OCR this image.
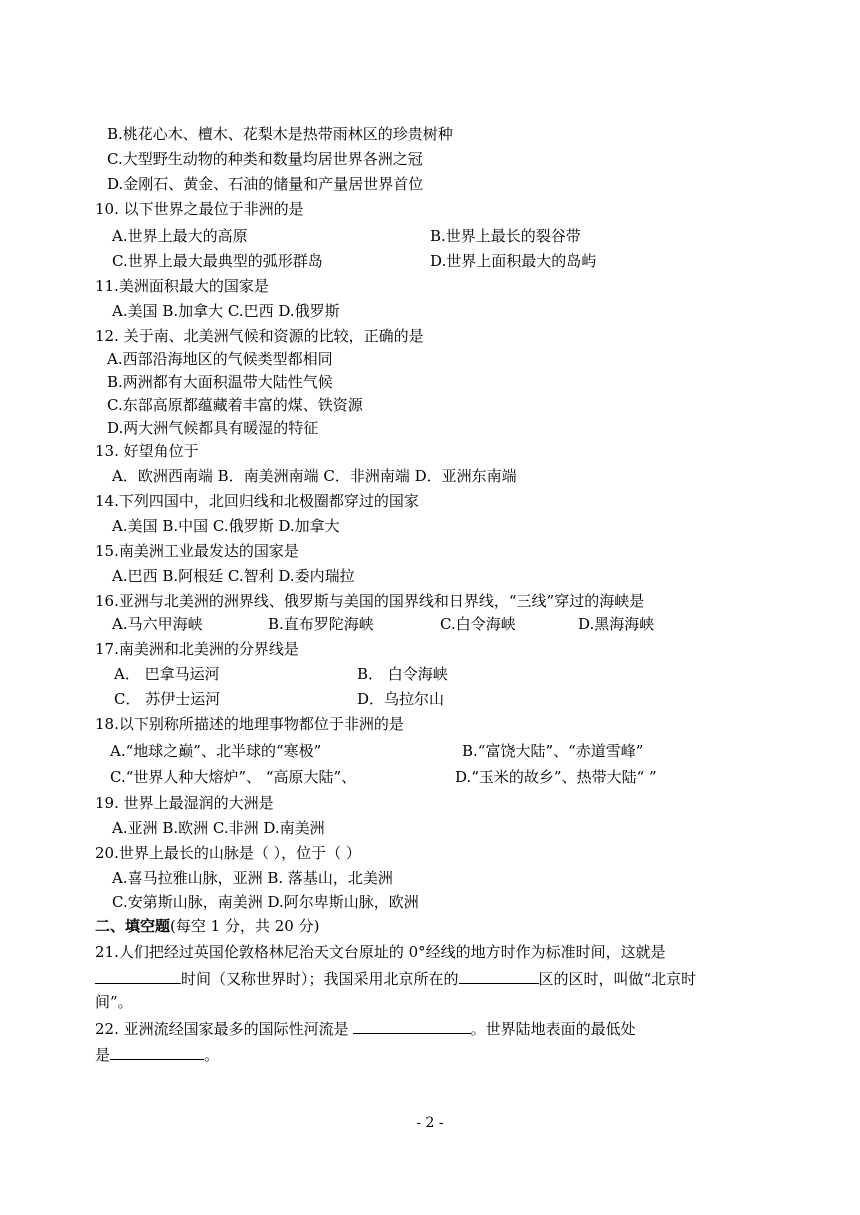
B.桃花心木、檀木、花梨木是热带雨林区的珍贵树种
C.大型野生动物的种类和数量均居世界各洲之冠
D.金刚石、黄金、石油的储量和产量居世界首位
10. 以下世界之最位于非洲的是
A.世界上最大的高原	B.世界上最长的裂谷带
C.世界上最大最典型的弧形群岛	D.世界上面积最大的岛屿
11.美洲面积最大的国家是
A.美国 B.加拿大 C.巴西 D.俄罗斯
12. 关于南、北美洲气候和资源的比较，正确的是
A.西部沿海地区的气候类型都相同
B.两洲都有大面积温带大陆性气候
C.东部高原都蕴藏着丰富的煤、铁资源
D.两大洲气候都具有暖湿的特征
13. 好望角位于
A．欧洲西南端 B．南美洲南端 C．非洲南端 D．亚洲东南端
14.下列四国中，北回归线和北极圈都穿过的国家
A.美国 B.中国 C.俄罗斯 D.加拿大
15.南美洲工业最发达的国家是
A.巴西 B.阿根廷 C.智利 D.委内瑞拉
16.亚洲与北美洲的洲界线、俄罗斯与美国的国界线和日界线，“三线”穿过的海峡是
A.马六甲海峡	B.直布罗陀海峡	C.白令海峡	D.黑海海峡
17.南美洲和北美洲的分界线是
A． 巴拿马运河	B． 白令海峡
C． 苏伊士运河	D．乌拉尔山
18.以下别称所描述的地理事物都位于非洲的是
A.“地球之巅”、北半球的“寒极”	B.“富饶大陆”、“赤道雪峰”
C.“世界人种大熔炉”、 “高原大陆”、	D.“玉米的故乡”、热带大陆“ ”
19. 世界上最湿润的大洲是
A.亚洲 B.欧洲 C.非洲 D.南美洲
20.世界上最长的山脉是（ ），位于（ ）
A.喜马拉雅山脉，亚洲 B. 落基山，北美洲
C.安第斯山脉，南美洲 D.阿尔卑斯山脉，欧洲
二、填空题(每空 1 分，共 20 分)
21.人们把经过英国伦敦格林尼治天文台原址的 0°经线的地方时作为标准时间，这就是
时间（又称世界时）；我国采用北京所在的	区的区时，叫做“北京时
间”。
22. 亚洲流经国家最多的国际性河流是	。世界陆地表面的最低处
是	。
- 2 -
